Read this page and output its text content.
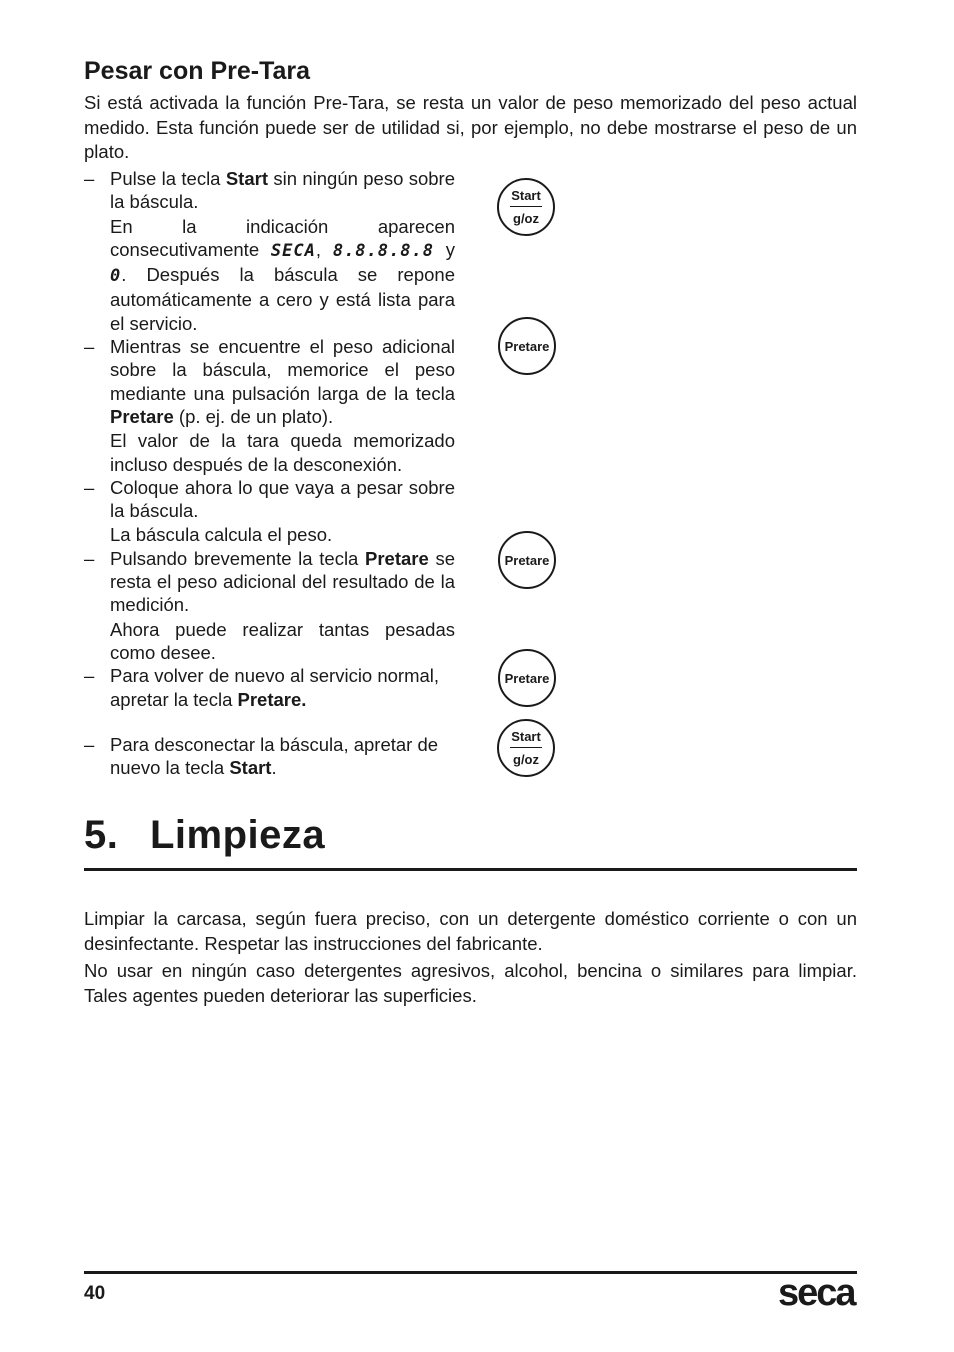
Pesar con Pre-Tara
Si está activada la función Pre-Tara, se resta un valor de peso memorizado del peso actual medido. Esta función puede ser de utilidad si, por ejemplo, no debe mostrarse el peso de un plato.
– Pulse la tecla Start sin ningún peso sobre la báscula.

En la indicación aparecen consecutivamente SECA, 8.8.8.8.8 y 0. Después la báscula se repone automáticamente a cero y está lista para el servicio.

– Mientras se encuentre el peso adicional sobre la báscula, memorice el peso mediante una pulsación larga de la tecla Pretare (p. ej. de un plato).

El valor de la tara queda memorizado incluso después de la desconexión.

– Coloque ahora lo que vaya a pesar sobre la báscula.

La báscula calcula el peso.

– Pulsando brevemente la tecla Pretare se resta el peso adicional del resultado de la medición.

Ahora puede realizar tantas pesadas como desee.

– Para volver de nuevo al servicio normal, apretar la tecla Pretare.

– Para desconectar la báscula, apretar de nuevo la tecla Start.

Start
g/oz
Pretare
Pretare
Pretare
Start
g/oz
5. Limpieza

Limpiar la carcasa, según fuera preciso, con un detergente doméstico corriente o con un desinfectante. Respetar las instrucciones del fabricante.

No usar en ningún caso detergentes agresivos, alcohol, bencina o similares para limpiar. Tales agentes pueden deteriorar las superficies.

40	seca
